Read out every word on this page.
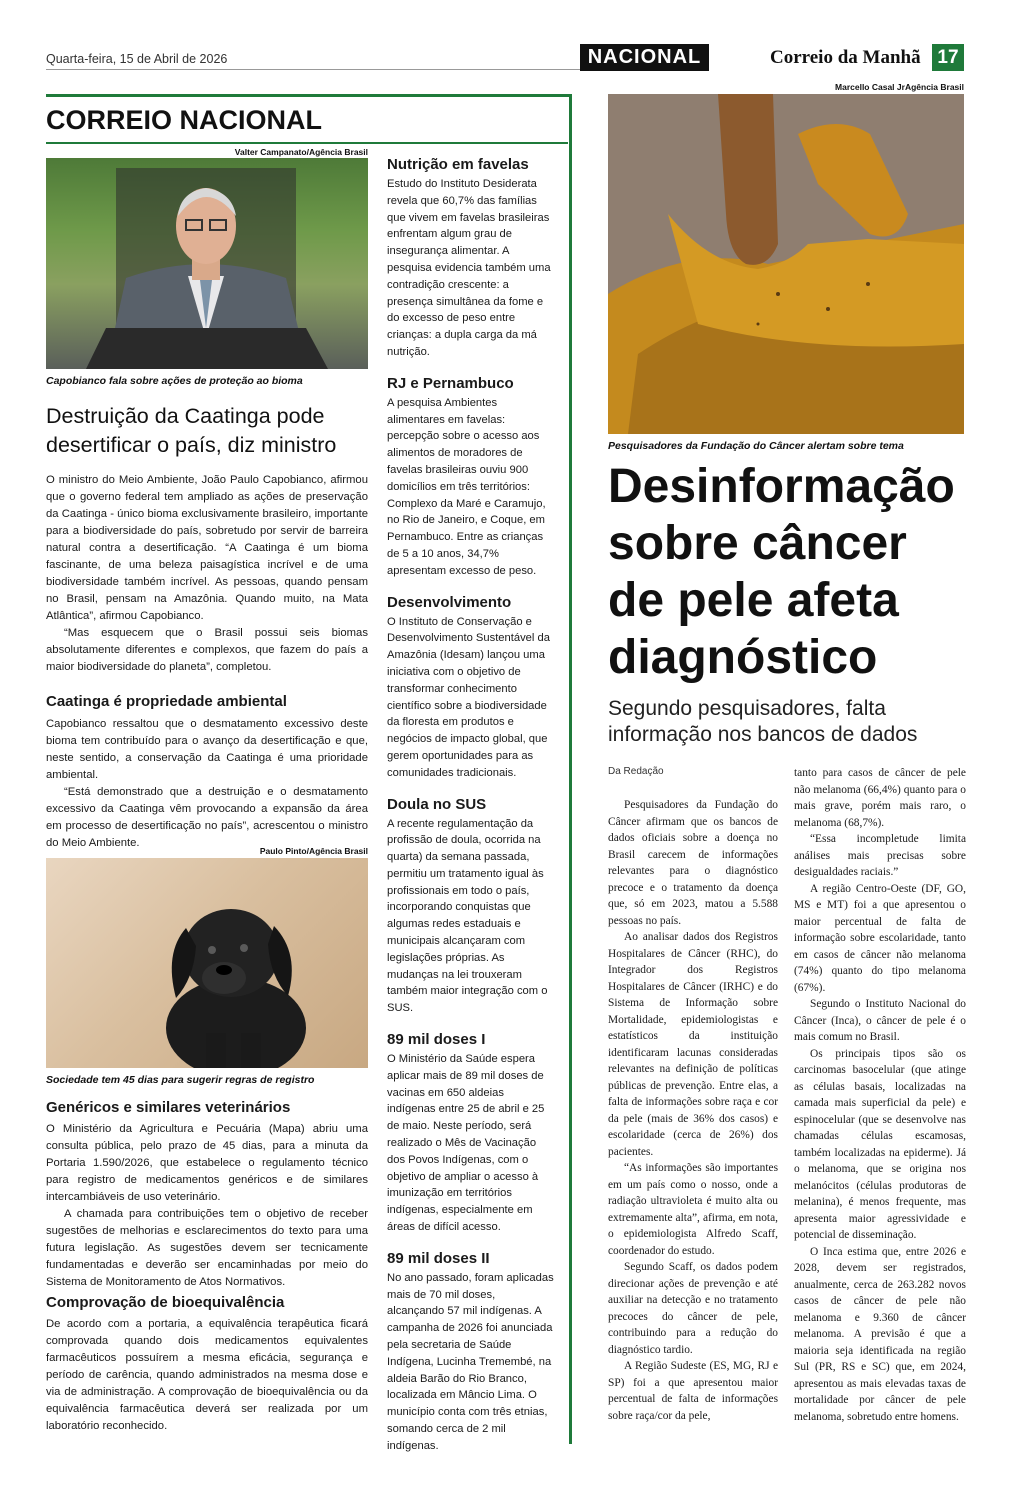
Quarta-feira, 15 de Abril de 2026	NACIONAL	Correio da Manhã 17
CORREIO NACIONAL
Valter Campanato/Agência Brasil
Capobianco fala sobre ações de proteção ao bioma
Destruição da Caatinga pode desertificar o país, diz ministro

O ministro do Meio Ambiente, João Paulo Capobianco, afirmou que o governo federal tem ampliado as ações de preservação da Caatinga - único bioma exclusivamente brasileiro, importante para a biodiversidade do país, sobretudo por servir de barreira natural contra a desertificação. “A Caatinga é um bioma fascinante, de uma beleza paisagística incrível e de uma biodiversidade também incrível. As pessoas, quando pensam no Brasil, pensam na Amazônia. Quando muito, na Mata Atlântica”, afirmou Capobianco.

“Mas esquecem que o Brasil possui seis biomas absolutamente diferentes e complexos, que fazem do país a maior biodiversidade do planeta”, completou.

Caatinga é propriedade ambiental

Capobianco ressaltou que o desmatamento excessivo deste bioma tem contribuído para o avanço da desertificação e que, neste sentido, a conservação da Caatinga é uma prioridade ambiental.

“Está demonstrado que a destruição e o desmatamento excessivo da Caatinga vêm provocando a expansão da área em processo de desertificação no país”, acrescentou o ministro do Meio Ambiente.

Paulo Pinto/Agência Brasil
Sociedade tem 45 dias para sugerir regras de registro
Genéricos e similares veterinários

O Ministério da Agricultura e Pecuária (Mapa) abriu uma consulta pública, pelo prazo de 45 dias, para a minuta da Portaria 1.590/2026, que estabelece o regulamento técnico para registro de medicamentos genéricos e de similares intercambiáveis de uso veterinário.

A chamada para contribuições tem o objetivo de receber sugestões de melhorias e esclarecimentos do texto para uma futura legislação. As sugestões devem ser tecnicamente fundamentadas e deverão ser encaminhadas por meio do Sistema de Monitoramento de Atos Normativos.

Comprovação de bioequivalência

De acordo com a portaria, a equivalência terapêutica ficará comprovada quando dois medicamentos equivalentes farmacêuticos possuírem a mesma eficácia, segurança e período de carência, quando administrados na mesma dose e via de administração. A comprovação de bioequivalência ou da equivalência farmacêutica deverá ser realizada por um laboratório reconhecido.

Nutrição em favelas

Estudo do Instituto Desiderata revela que 60,7% das famílias que vivem em favelas brasileiras enfrentam algum grau de insegurança alimentar. A pesquisa evidencia também uma contradição crescente: a presença simultânea da fome e do excesso de peso entre crianças: a dupla carga da má nutrição.

RJ e Pernambuco

A pesquisa Ambientes alimentares em favelas: percepção sobre o acesso aos alimentos de moradores de favelas brasileiras ouviu 900 domicílios em três territórios: Complexo da Maré e Caramujo, no Rio de Janeiro, e Coque, em Pernambuco. Entre as crianças de 5 a 10 anos, 34,7% apresentam excesso de peso.

Desenvolvimento

O Instituto de Conservação e Desenvolvimento Sustentável da Amazônia (Idesam) lançou uma iniciativa com o objetivo de transformar conhecimento científico sobre a biodiversidade da floresta em produtos e negócios de impacto global, que gerem oportunidades para as comunidades tradicionais.

Doula no SUS

A recente regulamentação da profissão de doula, ocorrida na quarta) da semana passada, permitiu um tratamento igual às profissionais em todo o país, incorporando conquistas que algumas redes estaduais e municipais alcançaram com legislações próprias. As mudanças na lei trouxeram também maior integração com o SUS.

89 mil doses I

O Ministério da Saúde espera aplicar mais de 89 mil doses de vacinas em 650 aldeias indígenas entre 25 de abril e 25 de maio. Neste período, será realizado o Mês de Vacinação dos Povos Indígenas, com o objetivo de ampliar o acesso à imunização em territórios indígenas, especialmente em áreas de difícil acesso.

89 mil doses II

No ano passado, foram aplicadas mais de 70 mil doses, alcançando 57 mil indígenas. A campanha de 2026 foi anunciada pela secretaria de Saúde Indígena, Lucinha Tremembé, na aldeia Barão do Rio Branco, localizada em Mâncio Lima. O município conta com três etnias, somando cerca de 2 mil indígenas.

Marcello Casal JrAgência Brasil
Pesquisadores da Fundação do Câncer alertam sobre tema
Desinformação sobre câncer de pele afeta diagnóstico
Segundo pesquisadores, falta informação nos bancos de dados
Da Redação

Pesquisadores da Fundação do Câncer afirmam que os bancos de dados oficiais sobre a doença no Brasil carecem de informações relevantes para o diagnóstico precoce e o tratamento da doença que, só em 2023, matou a 5.588 pessoas no país.

Ao analisar dados dos Registros Hospitalares de Câncer (RHC), do Integrador dos Registros Hospitalares de Câncer (IRHC) e do Sistema de Informação sobre Mortalidade, epidemiologistas e estatísticos da instituição identificaram lacunas consideradas relevantes na definição de políticas públicas de prevenção. Entre elas, a falta de informações sobre raça e cor da pele (mais de 36% dos casos) e escolaridade (cerca de 26%) dos pacientes.

“As informações são importantes em um país como o nosso, onde a radiação ultravioleta é muito alta ou extremamente alta”, afirma, em nota, o epidemiologista Alfredo Scaff, coordenador do estudo.

Segundo Scaff, os dados podem direcionar ações de prevenção e até auxiliar na detecção e no tratamento precoces do câncer de pele, contribuindo para a redução do diagnóstico tardio.

A Região Sudeste (ES, MG, RJ e SP) foi a que apresentou maior percentual de falta de informações sobre raça/cor da pele,

tanto para casos de câncer de pele não melanoma (66,4%) quanto para o mais grave, porém mais raro, o melanoma (68,7%).

“Essa incompletude limita análises mais precisas sobre desigualdades raciais.”

A região Centro-Oeste (DF, GO, MS e MT) foi a que apresentou o maior percentual de falta de informação sobre escolaridade, tanto em casos de câncer não melanoma (74%) quanto do tipo melanoma (67%).

Segundo o Instituto Nacional do Câncer (Inca), o câncer de pele é o mais comum no Brasil.

Os principais tipos são os carcinomas basocelular (que atinge as células basais, localizadas na camada mais superficial da pele) e espinocelular (que se desenvolve nas chamadas células escamosas, também localizadas na epiderme). Já o melanoma, que se origina nos melanócitos (células produtoras de melanina), é menos frequente, mas apresenta maior agressividade e potencial de disseminação.

O Inca estima que, entre 2026 e 2028, devem ser registrados, anualmente, cerca de 263.282 novos casos de câncer de pele não melanoma e 9.360 de câncer melanoma. A previsão é que a maioria seja identificada na região Sul (PR, RS e SC) que, em 2024, apresentou as mais elevadas taxas de mortalidade por câncer de pele melanoma, sobretudo entre homens.
